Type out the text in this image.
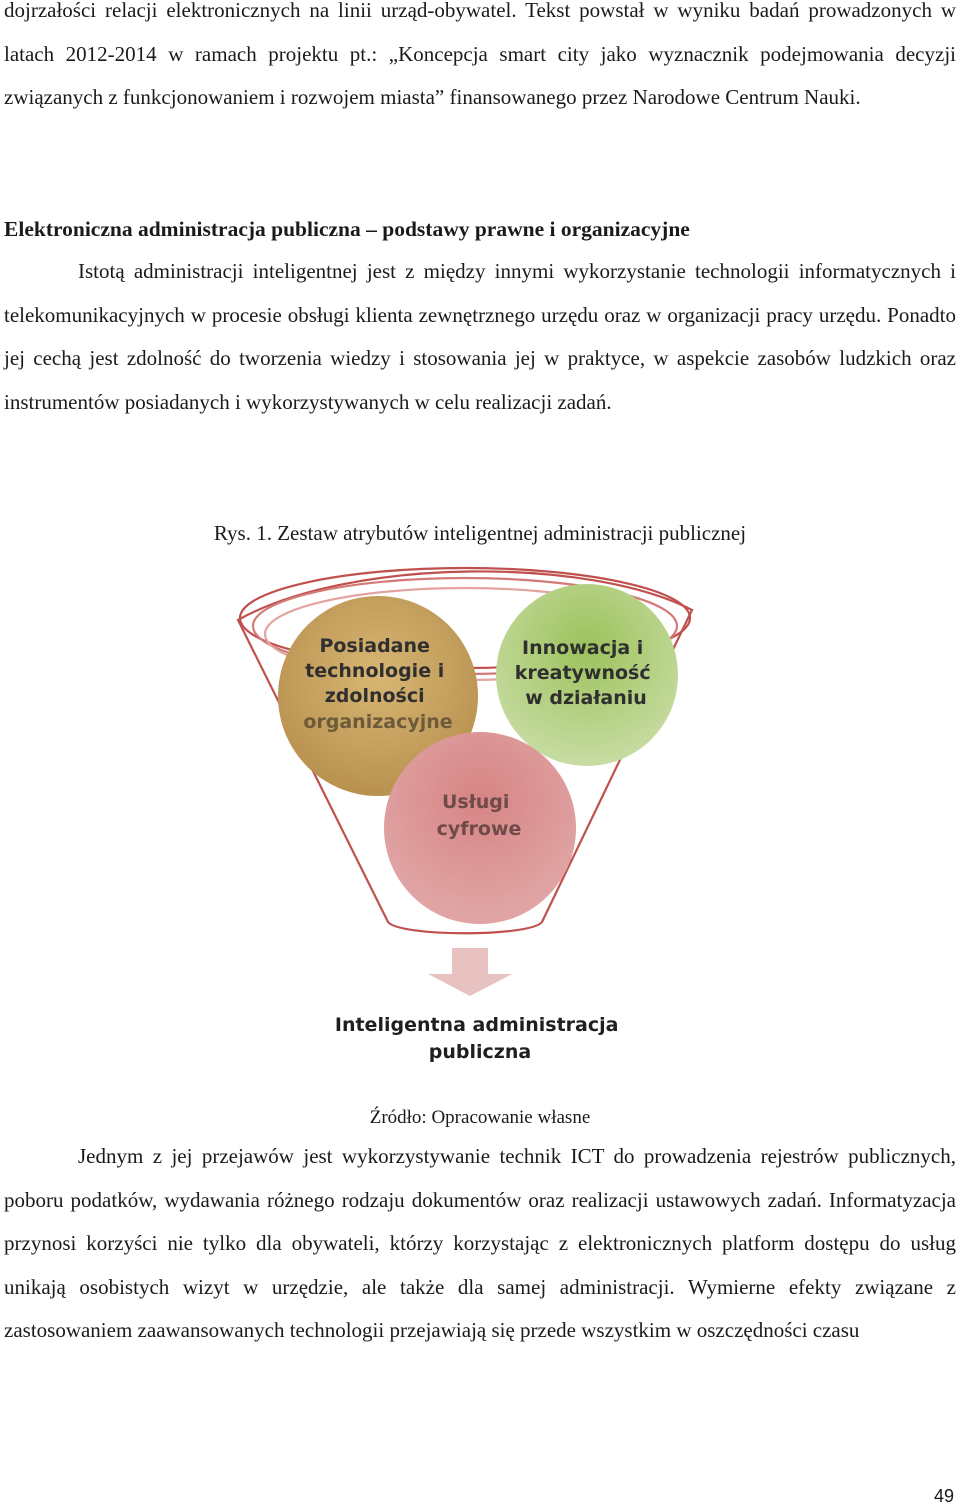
dojrzałości relacji elektronicznych na linii urząd-obywatel. Tekst powstał w wyniku badań prowadzonych w latach 2012-2014 w ramach projektu pt.: „Koncepcja smart city jako wyznacznik podejmowania decyzji związanych z funkcjonowaniem i rozwojem miasta” finansowanego przez Narodowe Centrum Nauki.

Elektroniczna administracja publiczna – podstawy prawne i organizacyjne

Istotą administracji inteligentnej jest z między innymi wykorzystanie technologii informatycznych i telekomunikacyjnych w procesie obsługi klienta zewnętrznego urzędu oraz w organizacji pracy urzędu. Ponadto jej cechą jest zdolność do tworzenia wiedzy i stosowania jej w praktyce, w aspekcie zasobów ludzkich oraz instrumentów posiadanych i wykorzystywanych w celu realizacji zadań.

Rys. 1. Zestaw atrybutów inteligentnej administracji publicznej

Posiadane technologie i zdolności organizacyjne
Innowacja i kreatywność w działaniu
Usługi cyfrowe
Inteligentna administracja publiczna

Źródło: Opracowanie własne

Jednym z jej przejawów jest wykorzystywanie technik ICT do prowadzenia rejestrów publicznych, poboru podatków, wydawania różnego rodzaju dokumentów oraz realizacji ustawowych zadań. Informatyzacja przynosi korzyści nie tylko dla obywateli, którzy korzystając z elektronicznych platform dostępu do usług unikają osobistych wizyt w urzędzie, ale także dla samej administracji. Wymierne efekty związane z zastosowaniem zaawansowanych technologii przejawiają się przede wszystkim w oszczędności czasu

49
